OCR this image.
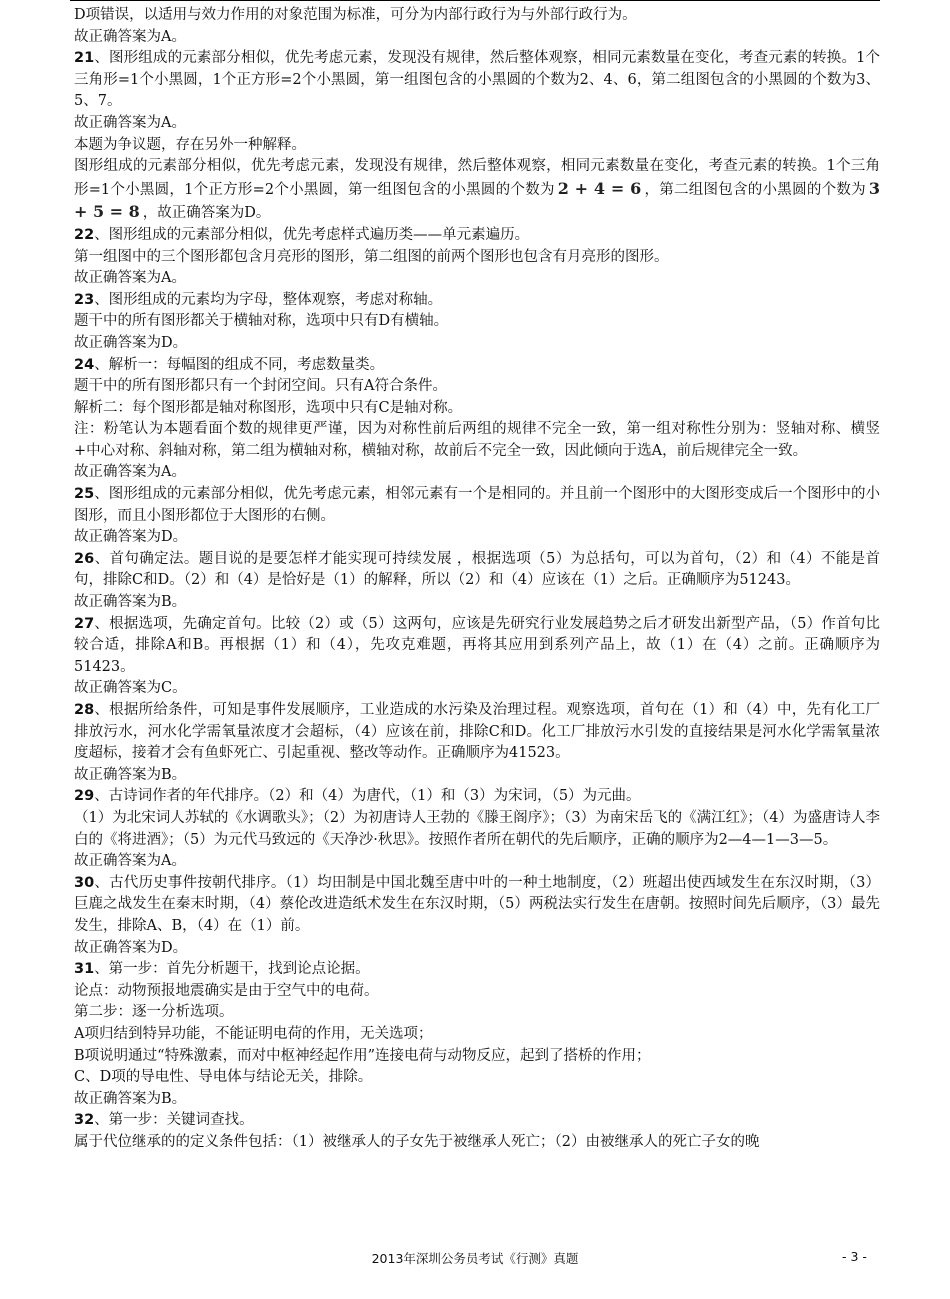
D项错误，以适用与效力作用的对象范围为标准，可分为内部行政行为与外部行政行为。

故正确答案为A。

21、图形组成的元素部分相似，优先考虑元素，发现没有规律，然后整体观察，相同元素数量在变化，考查元素的转换。1个三角形=1个小黑圆，1个正方形=2个小黑圆，第一组图包含的小黑圆的个数为2、4、6，第二组图包含的小黑圆的个数为3、5、7。

故正确答案为A。

本题为争议题，存在另外一种解释。

图形组成的元素部分相似，优先考虑元素，发现没有规律，然后整体观察，相同元素数量在变化，考查元素的转换。1个三角形=1个小黑圆，1个正方形=2个小黑圆，第一组图包含的小黑圆的个数为 2 + 4 = 6 ，第二组图包含的小黑圆的个数为 3 + 5 = 8 ，故正确答案为D。

22、图形组成的元素部分相似，优先考虑样式遍历类——单元素遍历。

第一组图中的三个图形都包含月亮形的图形，第二组图的前两个图形也包含有月亮形的图形。

故正确答案为A。

23、图形组成的元素均为字母，整体观察，考虑对称轴。

题干中的所有图形都关于横轴对称，选项中只有D有横轴。

故正确答案为D。

24、解析一：每幅图的组成不同，考虑数量类。

题干中的所有图形都只有一个封闭空间。只有A符合条件。

解析二：每个图形都是轴对称图形，选项中只有C是轴对称。

注：粉笔认为本题看面个数的规律更严谨，因为对称性前后两组的规律不完全一致，第一组对称性分别为：竖轴对称、横竖+中心对称、斜轴对称，第二组为横轴对称，横轴对称，故前后不完全一致，因此倾向于选A，前后规律完全一致。

故正确答案为A。

25、图形组成的元素部分相似，优先考虑元素，相邻元素有一个是相同的。并且前一个图形中的大图形变成后一个图形中的小图形，而且小图形都位于大图形的右侧。

故正确答案为D。

26、首句确定法。题目说的是要怎样才能实现可持续发展 ，根据选项（5）为总括句，可以为首句，（2）和（4）不能是首句，排除C和D。（2）和（4）是恰好是（1）的解释，所以（2）和（4）应该在（1）之后。正确顺序为51243。

故正确答案为B。

27、根据选项，先确定首句。比较（2）或（5）这两句，应该是先研究行业发展趋势之后才研发出新型产品，（5）作首句比较合适，排除A和B。再根据（1）和（4），先攻克难题，再将其应用到系列产品上，故（1）在（4）之前。正确顺序为51423。

故正确答案为C。

28、根据所给条件，可知是事件发展顺序，工业造成的水污染及治理过程。观察选项，首句在（1）和（4）中，先有化工厂排放污水，河水化学需氧量浓度才会超标，（4）应该在前，排除C和D。化工厂排放污水引发的直接结果是河水化学需氧量浓度超标，接着才会有鱼虾死亡、引起重视、整改等动作。正确顺序为41523。

故正确答案为B。

29、古诗词作者的年代排序。（2）和（4）为唐代，（1）和（3）为宋词，（5）为元曲。

（1）为北宋词人苏轼的《水调歌头》；（2）为初唐诗人王勃的《滕王阁序》；（3）为南宋岳飞的《满江红》；（4）为盛唐诗人李白的《将进酒》；（5）为元代马致远的《天净沙·秋思》。按照作者所在朝代的先后顺序，正确的顺序为2—4—1—3—5。

故正确答案为A。

30、古代历史事件按朝代排序。（1）均田制是中国北魏至唐中叶的一种土地制度，（2）班超出使西域发生在东汉时期，（3）巨鹿之战发生在秦末时期，（4）蔡伦改进造纸术发生在东汉时期，（5）两税法实行发生在唐朝。按照时间先后顺序，（3）最先发生，排除A、B，（4）在（1）前。

故正确答案为D。

31、第一步：首先分析题干，找到论点论据。

论点：动物预报地震确实是由于空气中的电荷。

第二步：逐一分析选项。

A项归结到特异功能，不能证明电荷的作用，无关选项；

B项说明通过“特殊激素，而对中枢神经起作用”连接电荷与动物反应，起到了搭桥的作用；

C、D项的导电性、导电体与结论无关，排除。

故正确答案为B。

32、第一步：关键词查找。

属于代位继承的的定义条件包括：（1）被继承人的子女先于被继承人死亡；（2）由被继承人的死亡子女的晚

2013年深圳公务员考试《行测》真题	- 3 -
